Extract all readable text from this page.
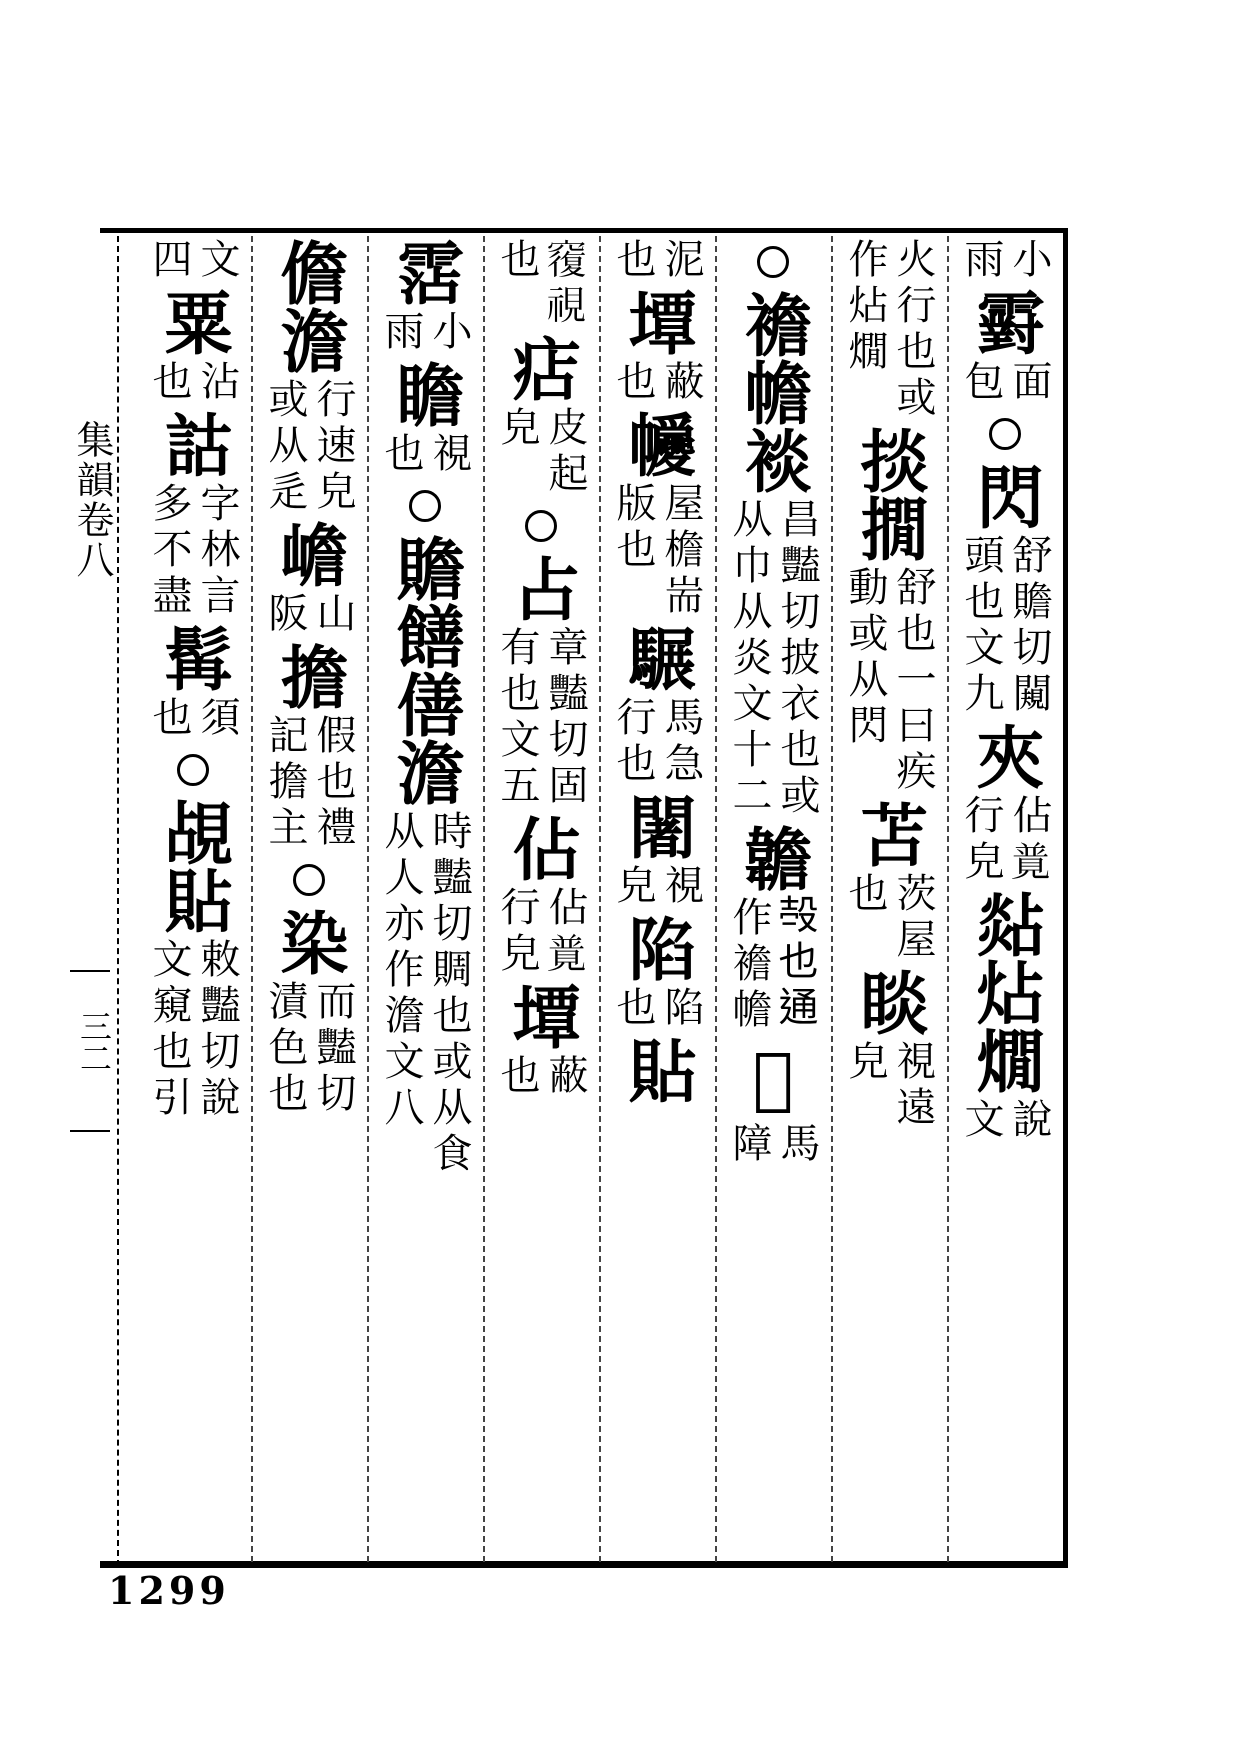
集韻卷八
三二
小
雨
䨴
面
包
閃
舒贍切闚
頭也文九
夾
佔𧡟
行皃
煔炶燗
說
文
火行也或
作炶燗
掞撊
舒也一曰疾
動或从閃
苫
茨屋
也
睒
視遠
皃
襜幨裧
昌豔切披衣也或
从巾从炎文十二
䪜
𣪊也通
作襜幨
𩧯
馬
障
泥
也
墰
蔽
也
㡪
屋檐耑
版也
𩥇
馬急
行也
闍
視
皃
陷
陷
也
貼
𥨍視
也
痁
皮起
皃
占
章豔切固
有也文五
佔
佔𧡟
行皃
墰
蔽
也
霑
小
雨
瞻
視
也
贍饍僐澹
時豔切賙也或从食
从人亦作澹文八
儋澹
行速皃
或从辵
嶦
山
阪
擔
假也禮
記擔主
染
而豔切
漬色也
文
四
粟
沾
也
詁
字林言
多不盡
髯
須
也
覘貼
敕豔切說
文窺也引
1299
